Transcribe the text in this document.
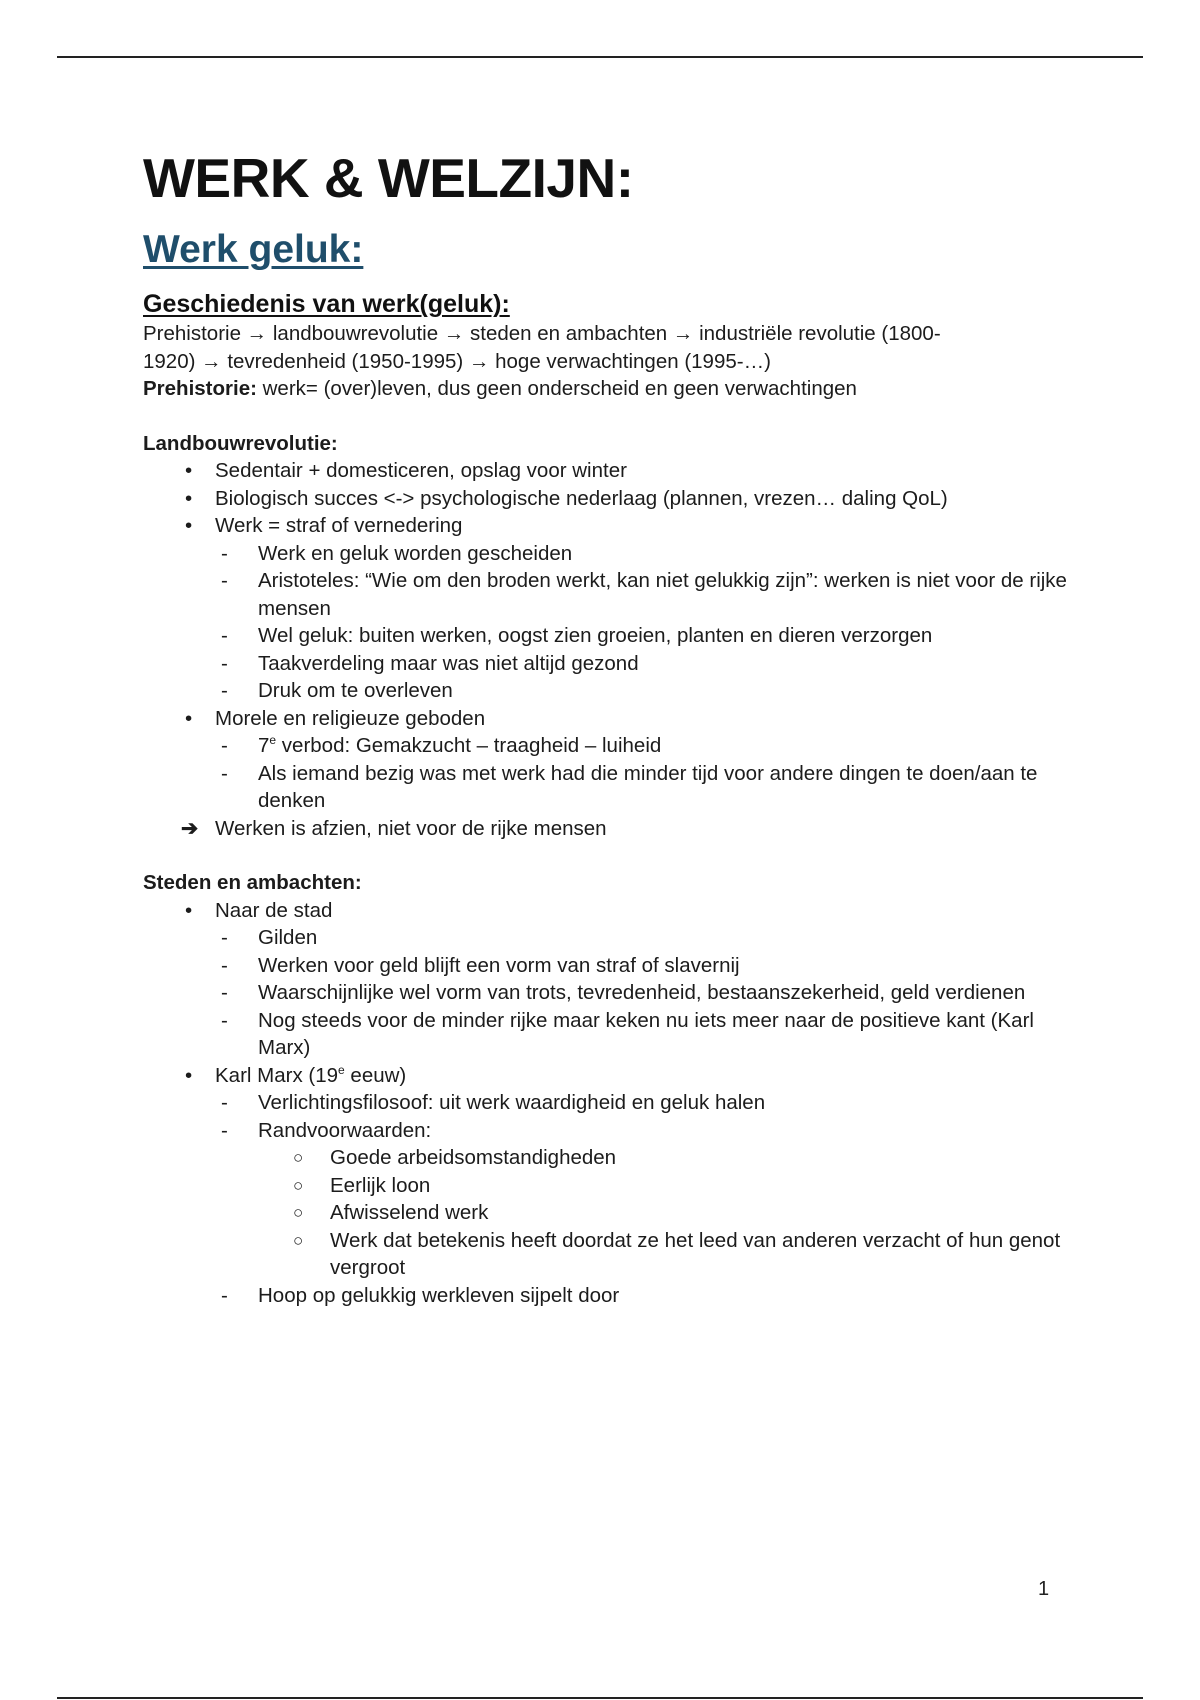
WERK & WELZIJN:
Werk geluk:
Geschiedenis van werk(geluk):

Prehistorie → landbouwrevolutie → steden en ambachten → industriële revolutie (1800-

1920) → tevredenheid (1950-1995) → hoge verwachtingen (1995-…)

Prehistorie: werk= (over)leven, dus geen onderscheid en geen verwachtingen

Landbouwrevolutie:

• Sedentair + domesticeren, opslag voor winter
• Biologisch succes <-> psychologische nederlaag (plannen, vrezen… daling QoL)
• Werk = straf of vernedering
- Werk en geluk worden gescheiden
- Aristoteles: “Wie om den broden werkt, kan niet gelukkig zijn”: werken is niet voor de rijke mensen
- Wel geluk: buiten werken, oogst zien groeien, planten en dieren verzorgen
- Taakverdeling maar was niet altijd gezond
- Druk om te overleven
• Morele en religieuze geboden
- 7e verbod: Gemakzucht – traagheid – luiheid
- Als iemand bezig was met werk had die minder tijd voor andere dingen te doen/aan te denken
➔ Werken is afzien, niet voor de rijke mensen

Steden en ambachten:

• Naar de stad
- Gilden
- Werken voor geld blijft een vorm van straf of slavernij
- Waarschijnlijke wel vorm van trots, tevredenheid, bestaanszekerheid, geld verdienen
- Nog steeds voor de minder rijke maar keken nu iets meer naar de positieve kant (Karl Marx)
• Karl Marx (19e eeuw)
- Verlichtingsfilosoof: uit werk waardigheid en geluk halen
- Randvoorwaarden:
○ Goede arbeidsomstandigheden
○ Eerlijk loon
○ Afwisselend werk
○ Werk dat betekenis heeft doordat ze het leed van anderen verzacht of hun genot vergroot
- Hoop op gelukkig werkleven sijpelt door
1
